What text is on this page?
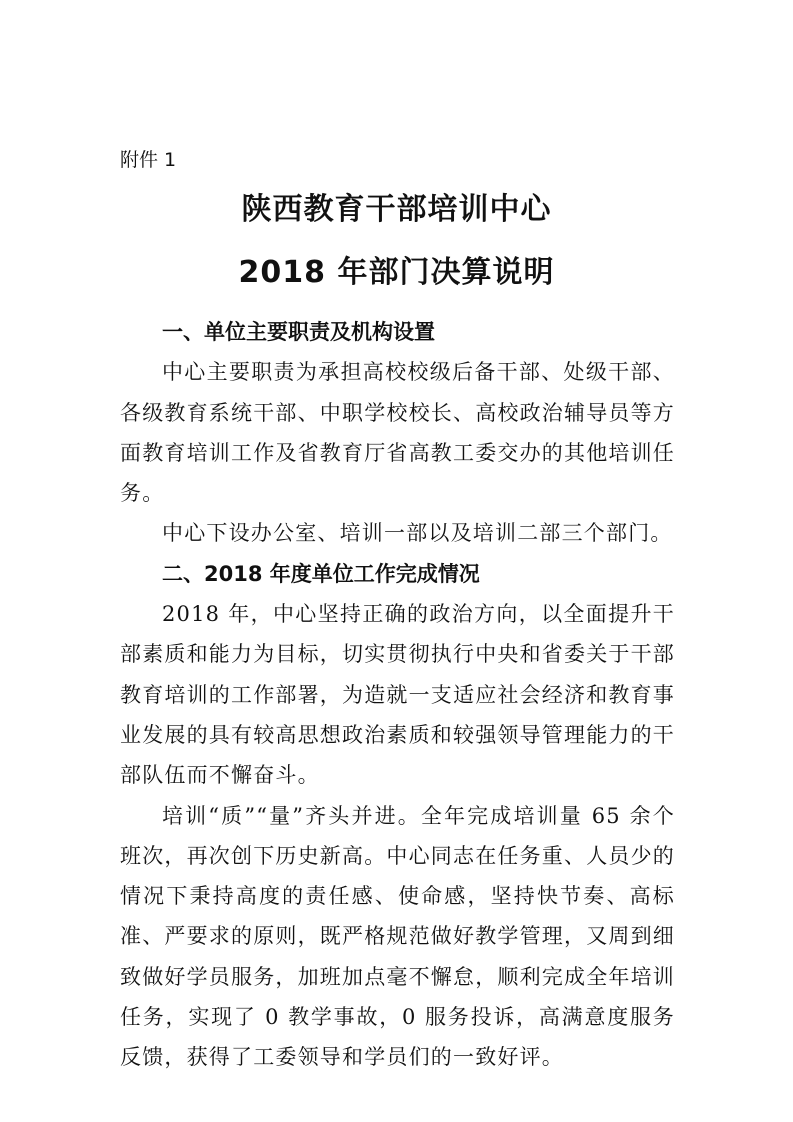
附件 1
陕西教育干部培训中心
2018 年部门决算说明

一、单位主要职责及机构设置

中心主要职责为承担高校校级后备干部、处级干部、各级教育系统干部、中职学校校长、高校政治辅导员等方面教育培训工作及省教育厅省高教工委交办的其他培训任务。

中心下设办公室、培训一部以及培训二部三个部门。

二、2018 年度单位工作完成情况

2018 年，中心坚持正确的政治方向，以全面提升干部素质和能力为目标，切实贯彻执行中央和省委关于干部教育培训的工作部署，为造就一支适应社会经济和教育事业发展的具有较高思想政治素质和较强领导管理能力的干部队伍而不懈奋斗。

培训“质”“量”齐头并进。全年完成培训量 65 余个班次，再次创下历史新高。中心同志在任务重、人员少的情况下秉持高度的责任感、使命感，坚持快节奏、高标准、严要求的原则，既严格规范做好教学管理，又周到细致做好学员服务，加班加点毫不懈怠，顺利完成全年培训任务，实现了 0 教学事故，0 服务投诉，高满意度服务反馈，获得了工委领导和学员们的一致好评。
